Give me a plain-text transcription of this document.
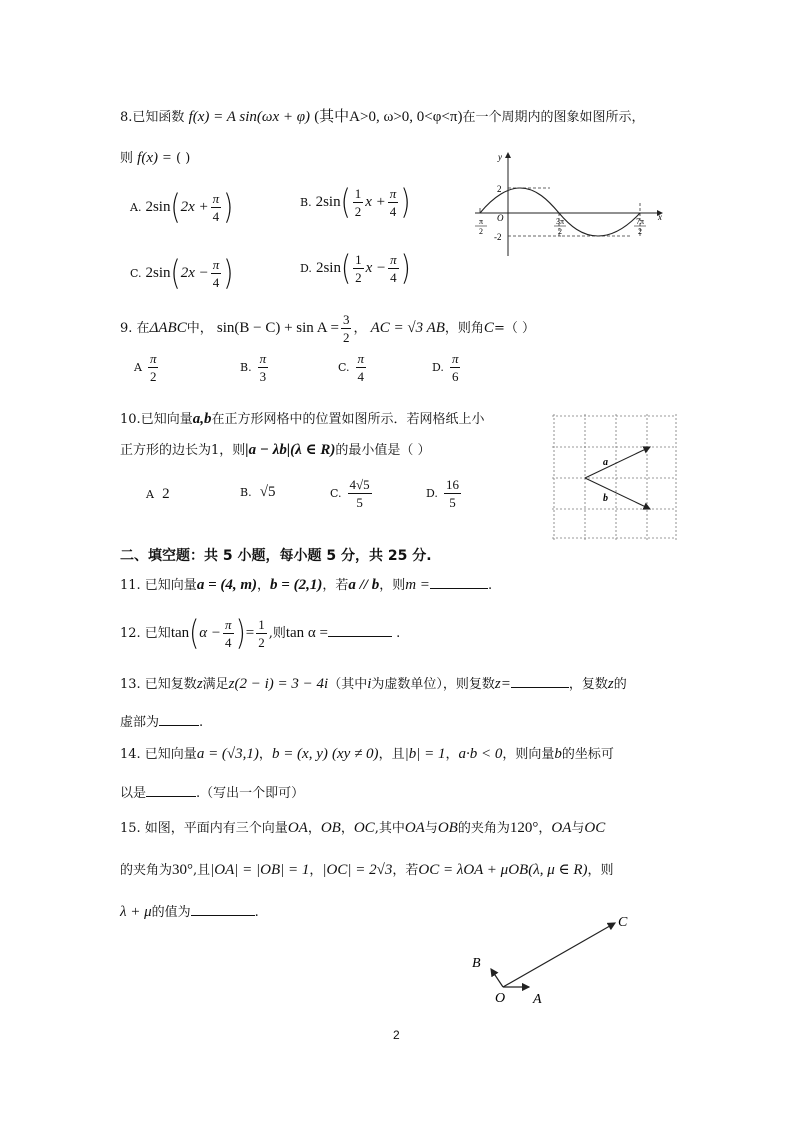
8.已知函数 f(x) = A sin(ωx + φ) (其中A>0, ω>0, 0<φ<π)在一个周期内的图象如图所示，
则 f(x) = ( )
A. $2\sin(2x + \frac{\pi}{4}$ )	B. $2\sin( \frac{1}{2}$ $x + \frac{\pi}{4}$ )
C. $2\sin(2x - \frac{\pi}{4}$ )	D. $2\sin( \frac{1}{2}$ $x - \frac{\pi}{4}$ )
y
x
O
2
-2
π
2
3π
2
7π
2
9. 在ΔABC中， $\sin(B - C) + \sin A = \frac{3}{2}$ ， AC = √3 AB，则角C=（ ）
A $\frac{\pi}{2}$	B. $\frac{\pi}{3}$	C. $\frac{\pi}{4}$	D. $\frac{\pi}{6}$
10.已知向量a,b在正方形网格中的位置如图所示．若网格纸上小
正方形的边长为1，则|a − λb|(λ ∈ R)的最小值是（ ）
A 2	B. √5	C. $\frac{4√5}{5}$	D. $\frac{16}{5}$
a
b
二、填空题：共 5 小题，每小题 5 分，共 25 分.
11. 已知向量a = (4, m)，b = (2,1)，若a // b，则m =	.
12. 已知$\tan(\alpha - \frac{\pi}{4}$ )= $\frac{1}{2}$ ,则tan α =	.
13. 已知复数z满足z(2 − i) = 3 − 4i（其中i为虚数单位），则复数z=	，复数z的
虚部为	.
14. 已知向量a = (√3,1)，b = (x, y) (xy ≠ 0)，且|b| = 1，a·b < 0，则向量b的坐标可
以是	.（写出一个即可）
15. 如图，平面内有三个向量OA，OB，OC,其中OA与OB的夹角为120°，OA与OC
的夹角为30°,且|OA| = |OB| = 1，|OC| = 2√3，若OC = λOA + μOB(λ, μ ∈ R)，则
λ + μ的值为	.
O A
B
C
2
